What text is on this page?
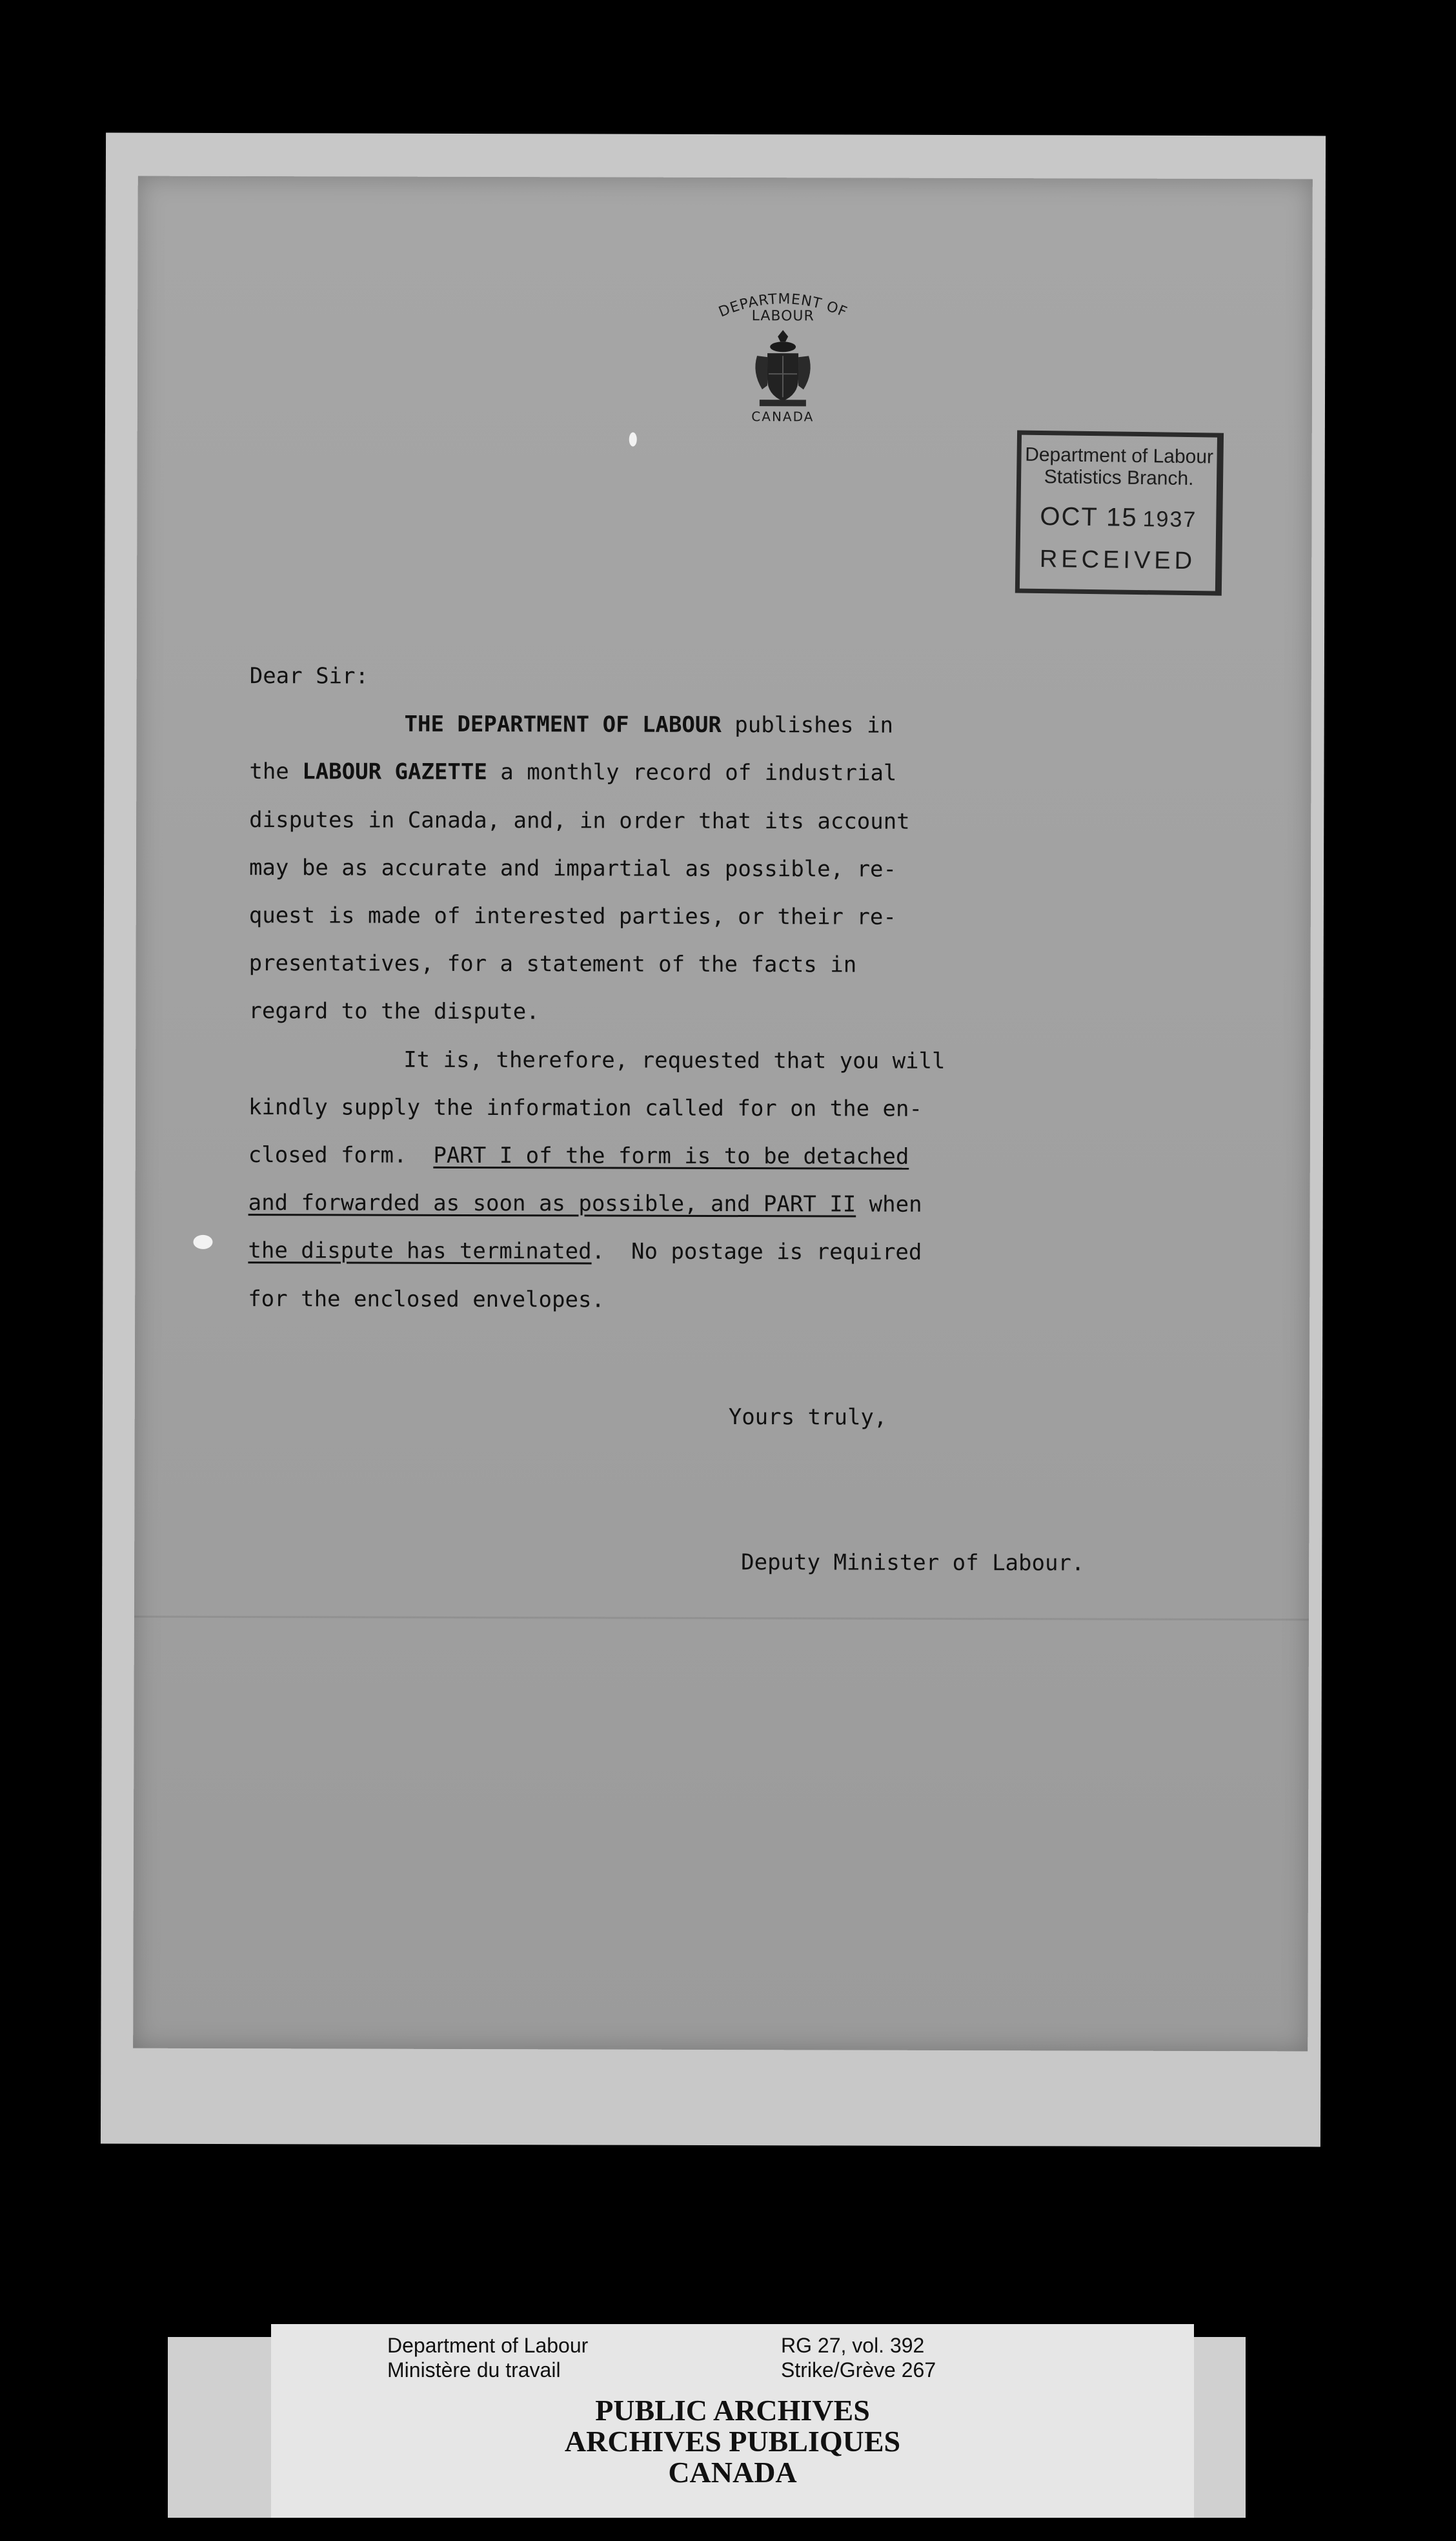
DEPARTMENT OF
LABOUR
CANADA
Department of Labour
Statistics Branch.
OCT 15 1937
RECEIVED

Dear Sir:

THE DEPARTMENT OF LABOUR publishes in

the LABOUR GAZETTE a monthly record of industrial

disputes in Canada, and, in order that its account

may be as accurate and impartial as possible, re-

quest is made of interested parties, or their re-

presentatives, for a statement of the facts in

regard to the dispute.

It is, therefore, requested that you will

kindly supply the information called for on the en-

closed form.  PART I of the form is to be detached

and forwarded as soon as possible, and PART II when

the dispute has terminated.  No postage is required

for the enclosed envelopes.

Yours truly,
Deputy Minister of Labour.
Department of Labour	RG 27, vol. 392
Ministère du travail	Strike/Grève 267
PUBLIC ARCHIVES
ARCHIVES PUBLIQUES
CANADA
